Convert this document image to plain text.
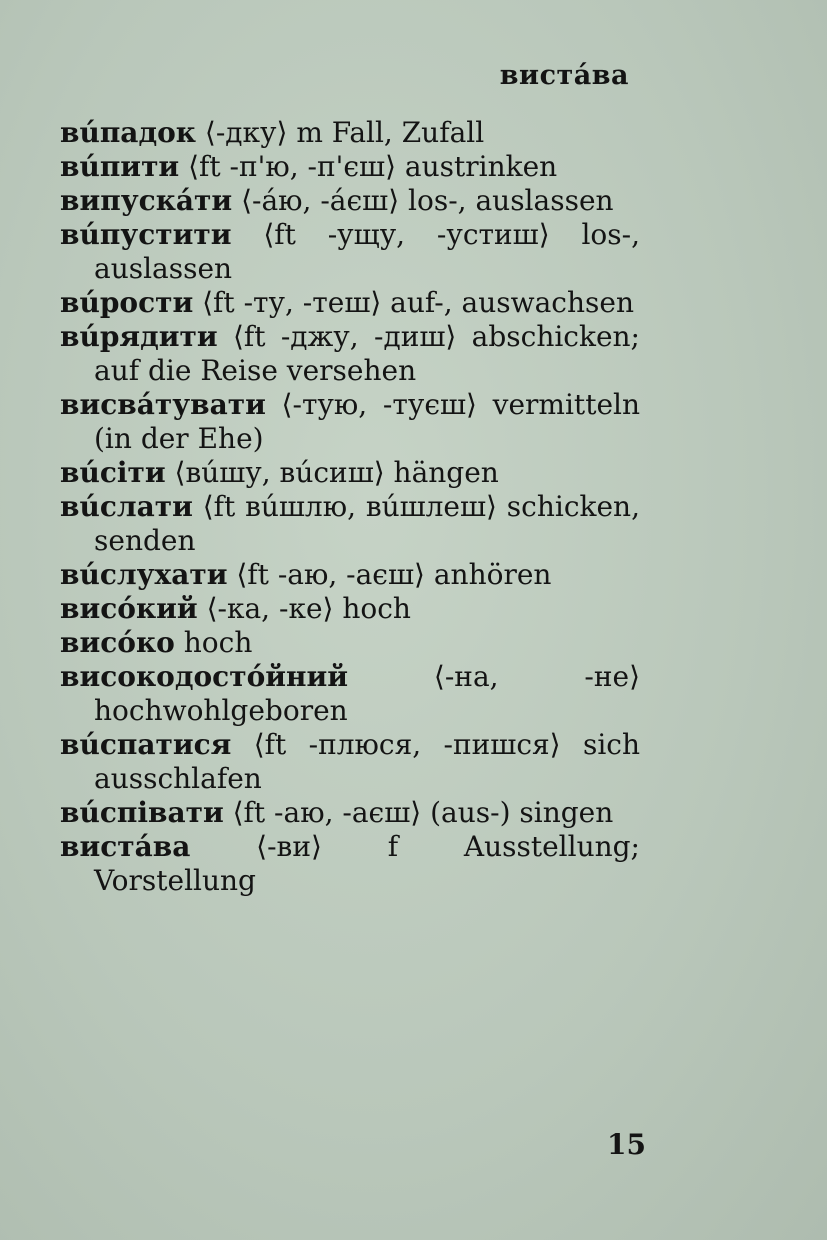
вистáва
вúпадок ⟨-дку⟩ m Fall, Zufall
вúпити ⟨ft -п'ю, -п'єш⟩ austrinken
випускáти ⟨-áю, -áєш⟩ los-, auslassen
вúпустити ⟨ft -ущу, -устиш⟩ los-, auslassen
вúрости ⟨ft -ту, -теш⟩ auf-, auswachsen
вúрядити ⟨ft -джу, -диш⟩ abschicken; auf die Reise versehen
висвáтувати ⟨-тую, -туєш⟩ vermitteln (in der Ehe)
вúсіти ⟨вúшу, вúсиш⟩ hängen
вúслати ⟨ft вúшлю, вúшлеш⟩ schicken, senden
вúслухати ⟨ft -аю, -аєш⟩ anhören
висóкий ⟨-ка, -ке⟩ hoch
висóко hoch
високодостóйний ⟨-на, -не⟩ hochwohlgeboren
вúспатися ⟨ft -плюся, -пишся⟩ sich ausschlafen
вúспівати ⟨ft -аю, -аєш⟩ (aus-) singen
вистáва ⟨-ви⟩ f Ausstellung; Vorstellung
15
